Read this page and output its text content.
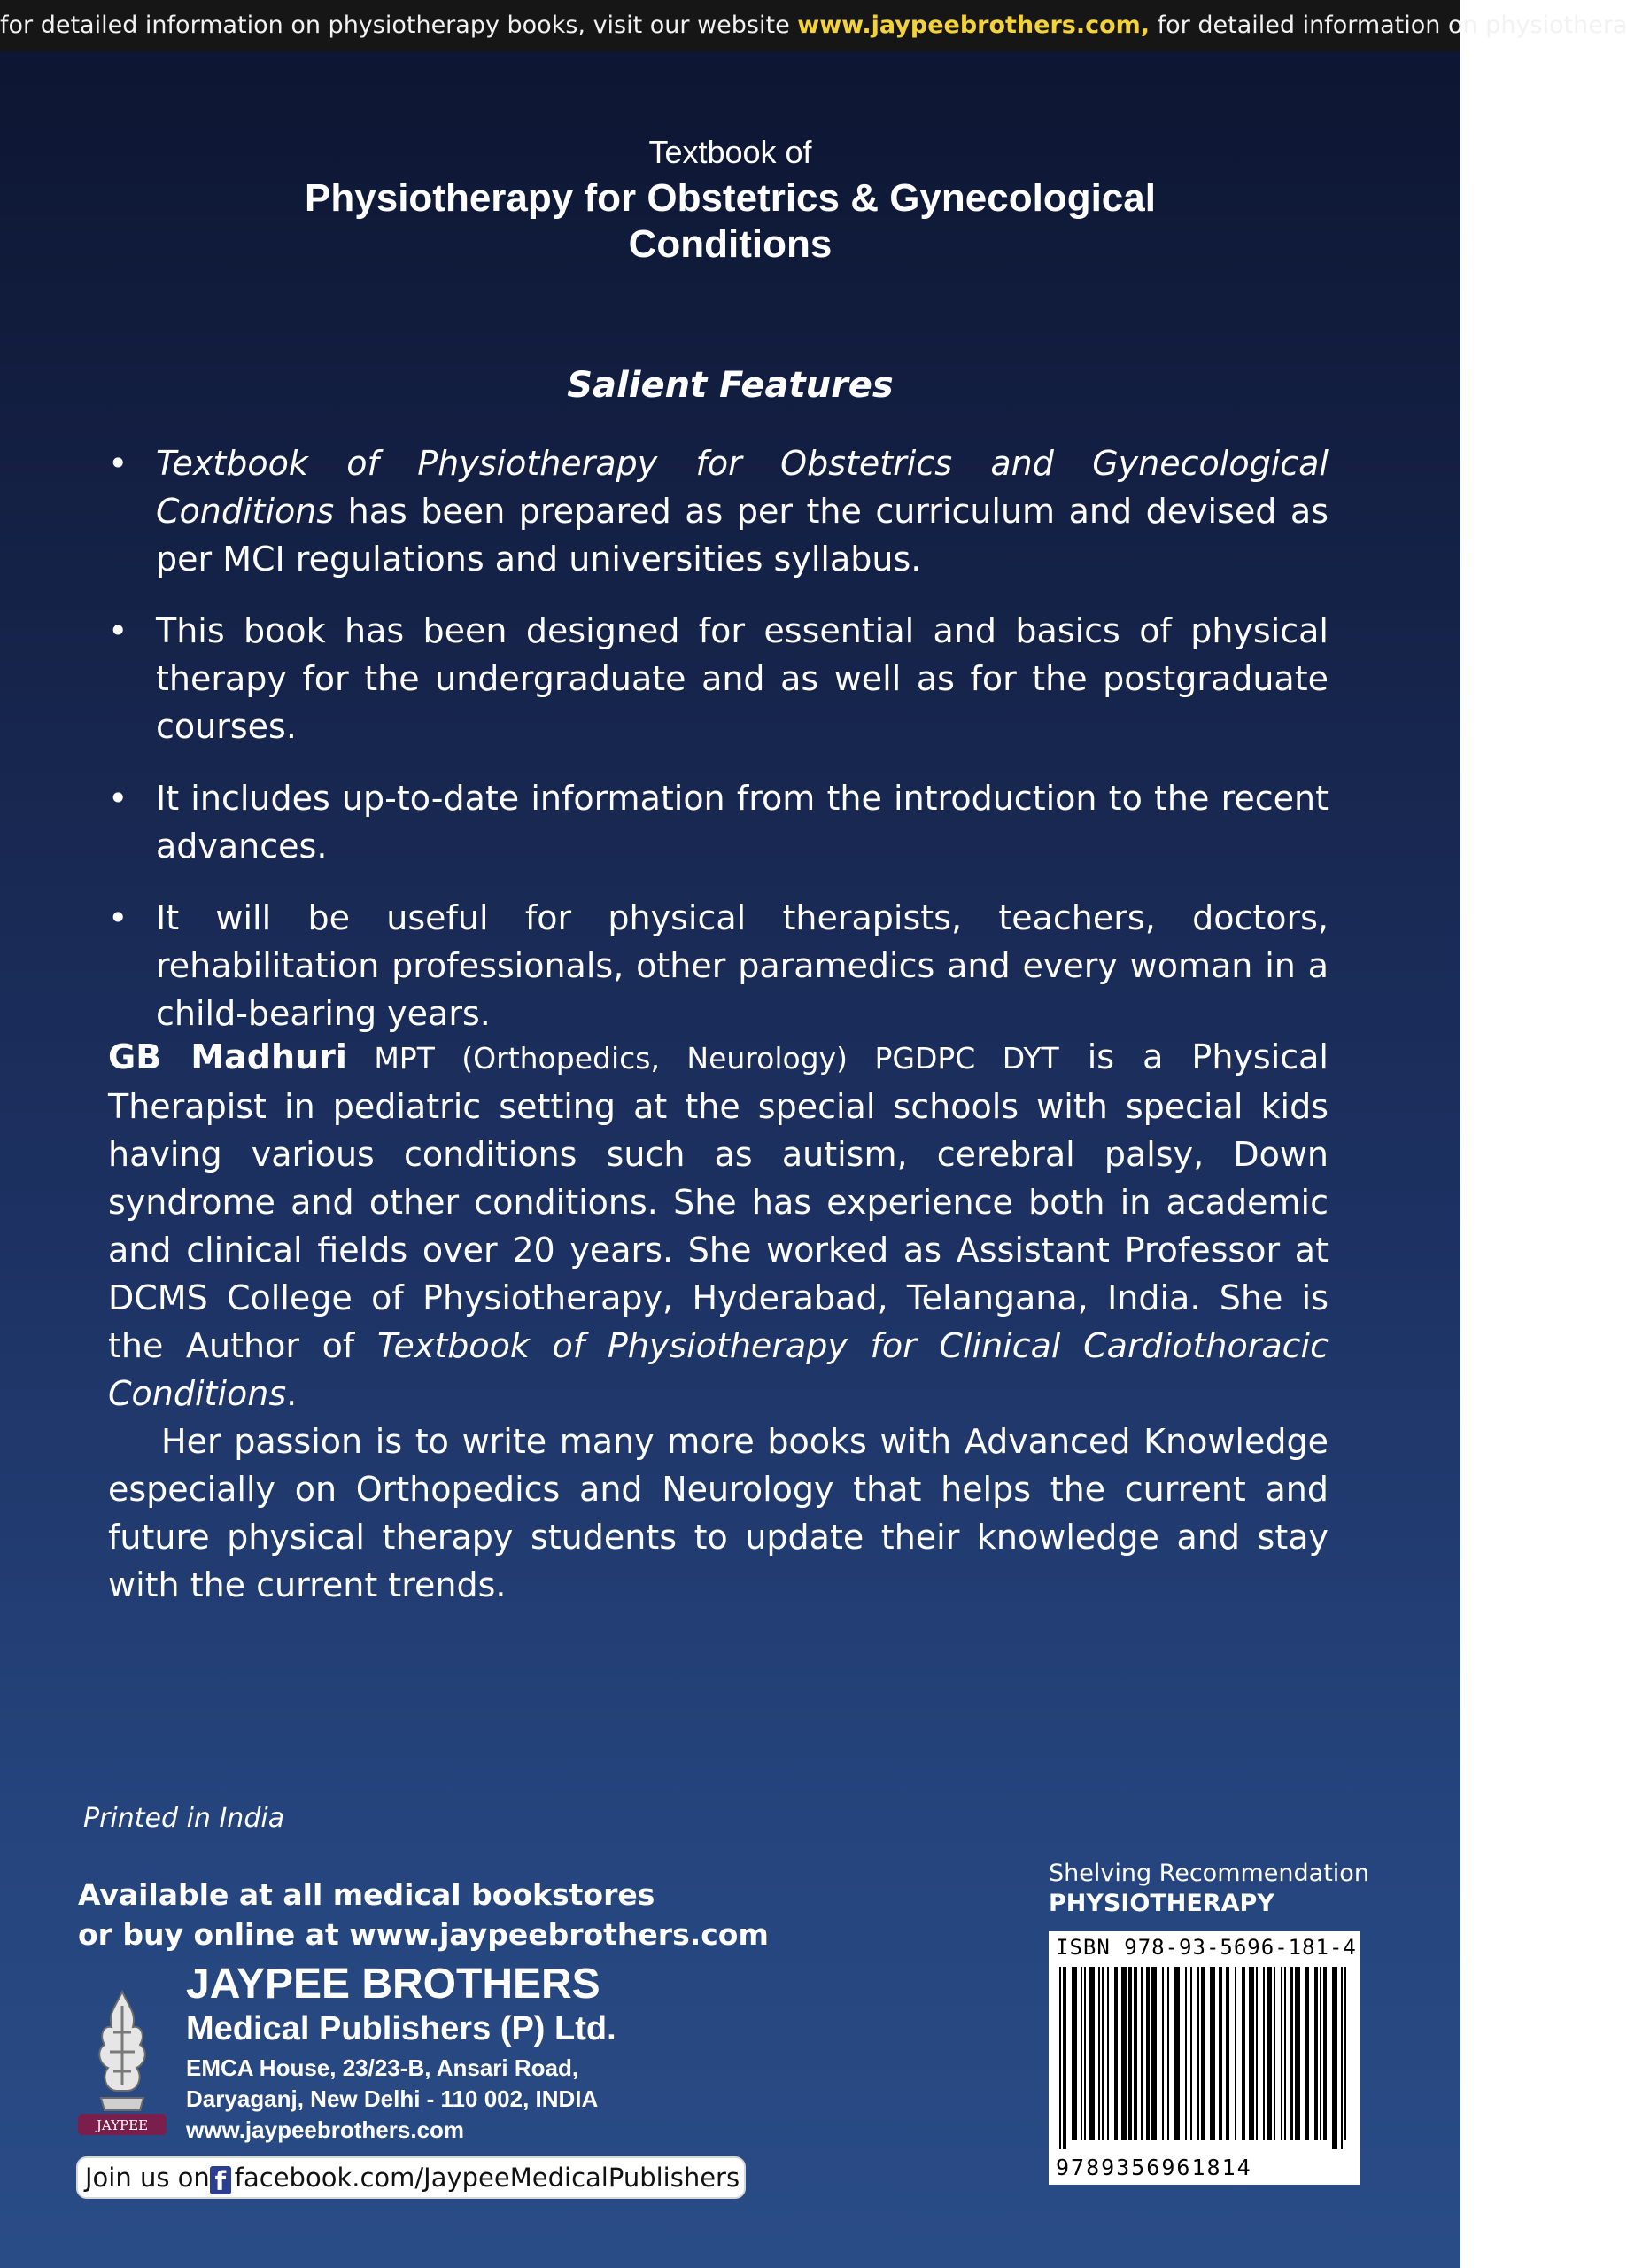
for detailed information on physiotherapy books, visit our website www.jaypeebrothers.com, for detailed information on physiothera
Textbook of
Physiotherapy for Obstetrics & Gynecological Conditions
Salient Features
• Textbook of Physiotherapy for Obstetrics and Gynecological Conditions has been prepared as per the curriculum and devised as per MCI regulations and universities syllabus.
• This book has been designed for essential and basics of physical therapy for the undergraduate and as well as for the postgraduate courses.
• It includes up-to-date information from the introduction to the recent advances.
• It will be useful for physical therapists, teachers, doctors, rehabilitation professionals, other paramedics and every woman in a child-bearing years.

GB Madhuri MPT (Orthopedics, Neurology) PGDPC DYT is a Physical Therapist in pediatric setting at the special schools with special kids having various conditions such as autism, cerebral palsy, Down syndrome and other conditions. She has experience both in academic and clinical fields over 20 years. She worked as Assistant Professor at DCMS College of Physiotherapy, Hyderabad, Telangana, India. She is the Author of Textbook of Physiotherapy for Clinical Cardiothoracic Conditions.

Her passion is to write many more books with Advanced Knowledge especially on Orthopedics and Neurology that helps the current and future physical therapy students to update their knowledge and stay with the current trends.

Printed in India
Available at all medical bookstores
or buy online at www.jaypeebrothers.com
JAYPEE
JAYPEE BROTHERS
Medical Publishers (P) Ltd.
EMCA House, 23/23-B, Ansari Road,
Daryaganj, New Delhi - 110 002, INDIA
www.jaypeebrothers.com
Join us on f facebook.com/JaypeeMedicalPublishers
Shelving Recommendation
PHYSIOTHERAPY
ISBN 978-93-5696-181-4
9789356961814
